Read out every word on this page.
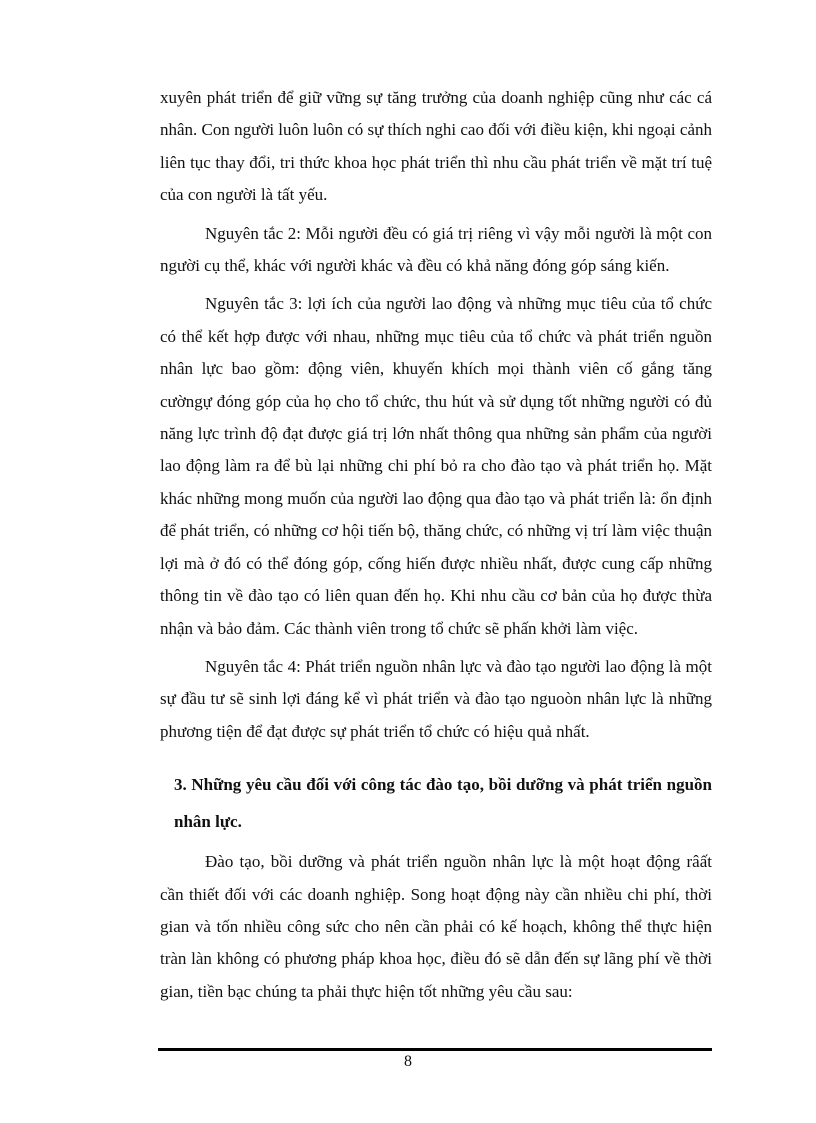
xuyên phát triển để giữ vững sự tăng trưởng của doanh nghiệp cũng như các cá nhân. Con người luôn luôn có sự thích nghi cao đối với điều kiện, khi ngoại cảnh liên tục thay đổi, tri thức khoa học phát triển thì nhu cầu phát triển về mặt trí tuệ của con người là tất yếu.

Nguyên tắc 2: Mỗi người đều có giá trị riêng vì vậy mỗi người là một con người cụ thể, khác với người khác và đều có khả năng đóng góp sáng kiến.

Nguyên tắc 3: lợi ích của người lao động và những mục tiêu của tổ chức có thể kết hợp được với nhau, những mục tiêu của tổ chức và phát triển nguồn nhân lực bao gồm: động viên, khuyến khích mọi thành viên cố gắng tăng cườngự đóng góp của họ cho tổ chức, thu hút và sử dụng tốt những người có đủ năng lực trình độ đạt được giá trị lớn nhất thông qua những sản phẩm của người lao động làm ra để bù lại những chi phí bỏ ra cho đào tạo và phát triển họ. Mặt khác những mong muốn của người lao động qua đào tạo và phát triển là: ổn định để phát triển, có những cơ hội tiến bộ, thăng chức, có những vị trí làm việc thuận lợi mà ở đó có thể đóng góp, cống hiến được nhiều nhất, được cung cấp những thông tin về đào tạo có liên quan đến họ. Khi nhu cầu cơ bản của họ được thừa nhận và bảo đảm. Các thành viên trong tổ chức sẽ phấn khởi làm việc.

Nguyên tắc 4: Phát triển nguồn nhân lực và đào tạo người lao động là một sự đầu tư sẽ sinh lợi đáng kể vì phát triển và đào tạo nguoòn nhân lực là những phương tiện để đạt được sự phát triển tổ chức có hiệu quả nhất.

3. Những yêu cầu đối với công tác đào tạo, bồi dưỡng và phát triển nguồn nhân lực.

Đào tạo, bồi dưỡng và phát triển nguồn nhân lực là một hoạt động râất cần thiết đối với các doanh nghiệp. Song hoạt động này cần nhiều chi phí, thời gian và tốn nhiều công sức cho nên cần phải có kế hoạch, không thể thực hiện tràn làn không có phương pháp khoa học, điều đó sẽ dẫn đến sự lãng phí về thời gian, tiền bạc chúng ta phải thực hiện tốt những yêu cầu sau:

8
